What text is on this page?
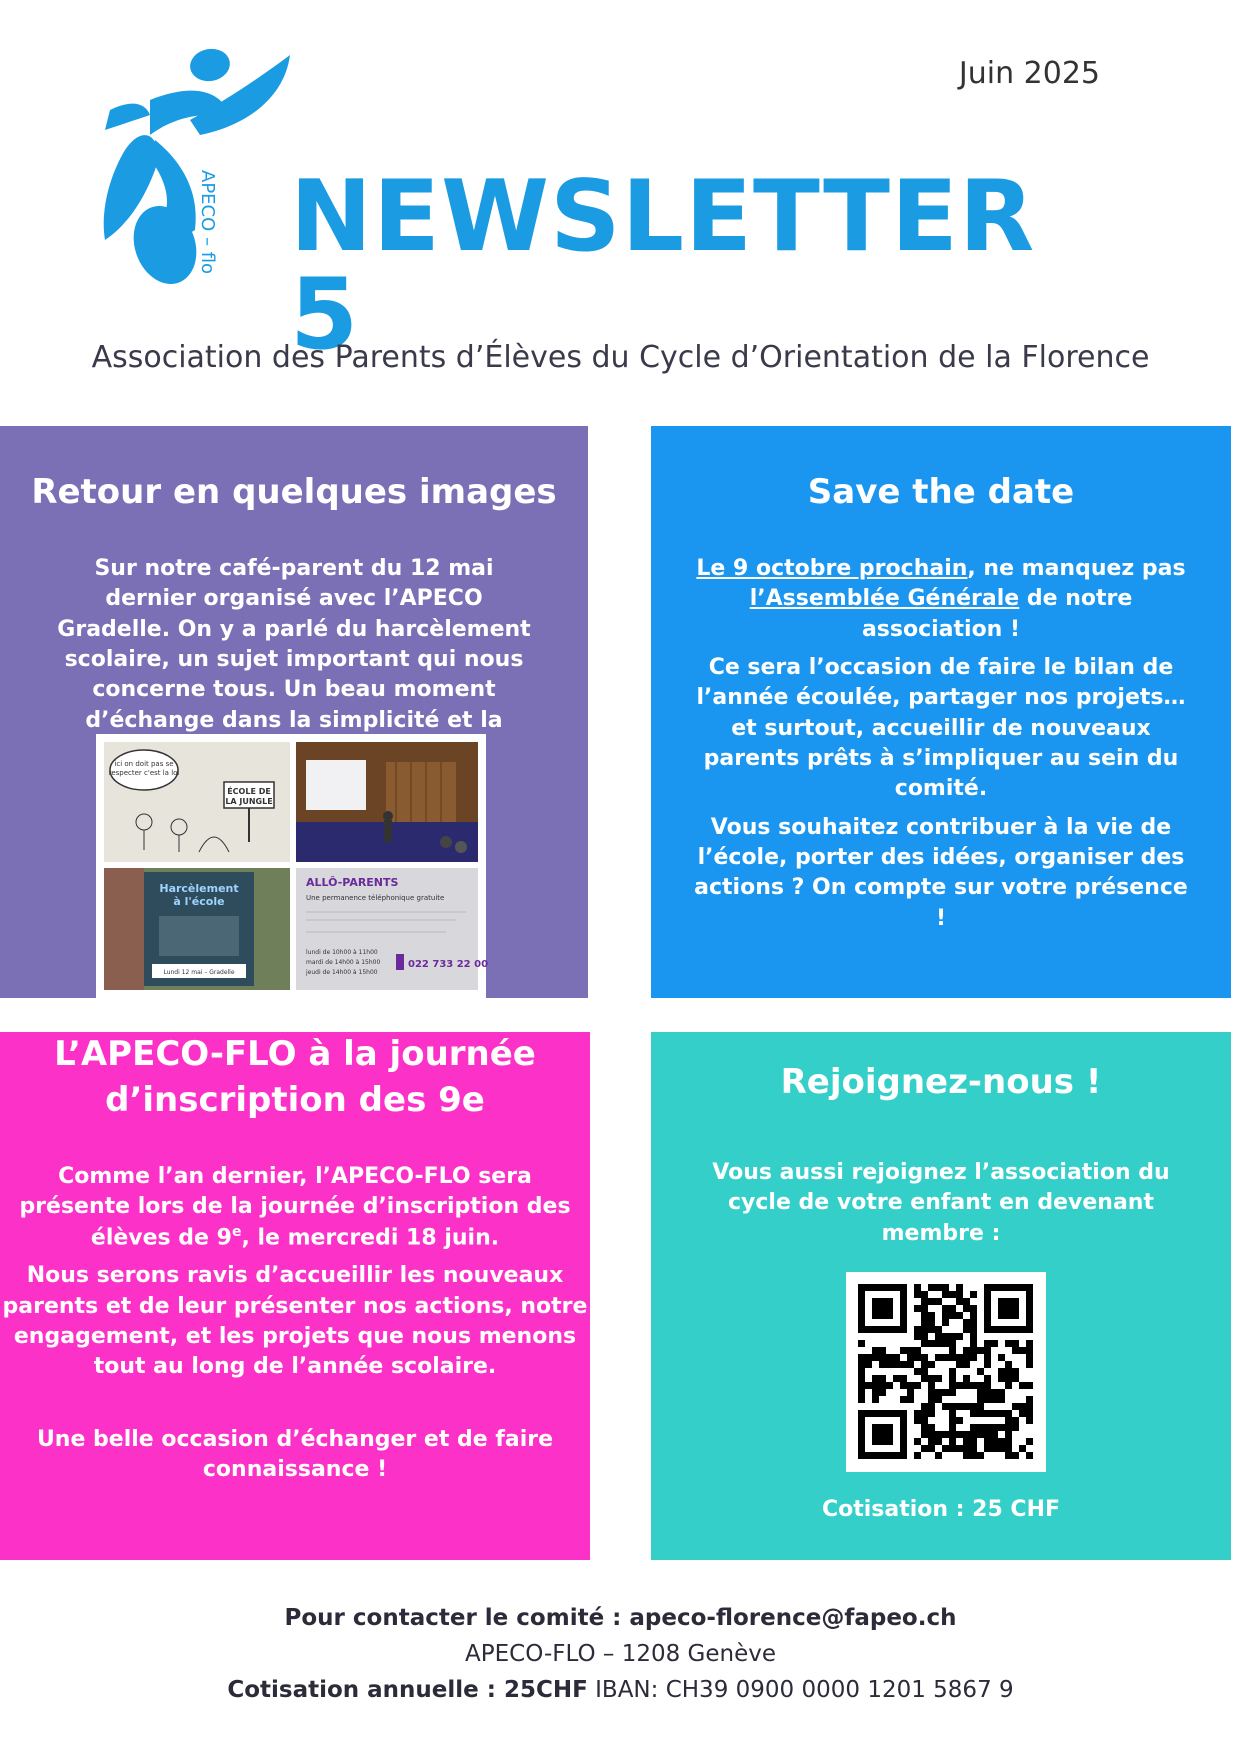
APECO – flo
Juin 2025
NEWSLETTER 5
Association des Parents d’Élèves du Cycle d’Orientation de la Florence
Retour en quelques images

Sur notre café-parent du 12 mai dernier organisé avec l’APECO Gradelle. On y a parlé du harcèlement scolaire, un sujet important qui nous concerne tous. Un beau moment d’échange dans la simplicité et la

ici on doit pas se
respecter c'est la loi
ÉCOLE DE
LA JUNGLE
Harcèlement
à l'école
Lundi 12 mai – Gradelle
ALLÔ-PARENTS
Une permanence téléphonique gratuite
lundi de 10h00 à 11h00
mardi de 14h00 à 15h00
jeudi de 14h00 à 15h00
022 733 22 00
Save the date

Le 9 octobre prochain, ne manquez pas l’Assemblée Générale de notre association !

Ce sera l’occasion de faire le bilan de l’année écoulée, partager nos projets… et surtout, accueillir de nouveaux parents prêts à s’impliquer au sein du comité.

Vous souhaitez contribuer à la vie de l’école, porter des idées, organiser des actions ? On compte sur votre présence !

L’APECO-FLO à la journée d’inscription des 9e

Comme l’an dernier, l’APECO-FLO sera présente lors de la journée d’inscription des élèves de 9e, le mercredi 18 juin.

Nous serons ravis d’accueillir les nouveaux parents et de leur présenter nos actions, notre engagement, et les projets que nous menons tout au long de l’année scolaire.

Une belle occasion d’échanger et de faire connaissance !

Rejoignez-nous !

Vous aussi rejoignez l’association du cycle de votre enfant en devenant membre :

Cotisation : 25 CHF

Pour contacter le comité : apeco-florence@fapeo.ch
APECO-FLO – 1208 Genève
Cotisation annuelle : 25CHF IBAN: CH39 0900 0000 1201 5867 9
